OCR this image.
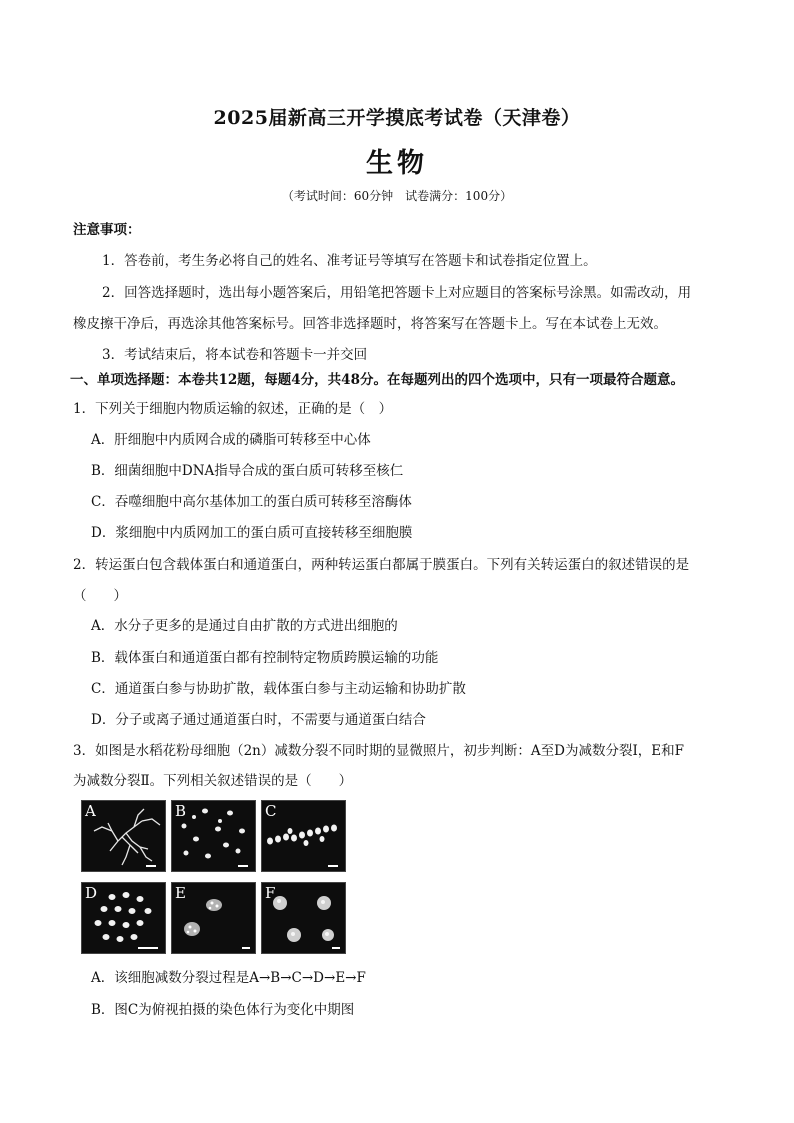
2025届新高三开学摸底考试卷（天津卷）
生物
（考试时间：60分钟　试卷满分：100分）
注意事项：
1．答卷前，考生务必将自己的姓名、准考证号等填写在答题卡和试卷指定位置上。
2．回答选择题时，选出每小题答案后，用铅笔把答题卡上对应题目的答案标号涂黑。如需改动，用
橡皮擦干净后，再选涂其他答案标号。回答非选择题时，将答案写在答题卡上。写在本试卷上无效。
3．考试结束后，将本试卷和答题卡一并交回
一、单项选择题：本卷共12题，每题4分，共48分。在每题列出的四个选项中，只有一项最符合题意。
1．下列关于细胞内物质运输的叙述，正确的是（　）
A．肝细胞中内质网合成的磷脂可转移至中心体
B．细菌细胞中DNA指导合成的蛋白质可转移至核仁
C．吞噬细胞中高尔基体加工的蛋白质可转移至溶酶体
D．浆细胞中内质网加工的蛋白质可直接转移至细胞膜
2．转运蛋白包含载体蛋白和通道蛋白，两种转运蛋白都属于膜蛋白。下列有关转运蛋白的叙述错误的是
（　　）
A．水分子更多的是通过自由扩散的方式进出细胞的
B．载体蛋白和通道蛋白都有控制特定物质跨膜运输的功能
C．通道蛋白参与协助扩散，载体蛋白参与主动运输和协助扩散
D．分子或离子通过通道蛋白时，不需要与通道蛋白结合
3．如图是水稻花粉母细胞（2n）减数分裂不同时期的显微照片，初步判断：A至D为减数分裂Ⅰ，E和F
为减数分裂Ⅱ。下列相关叙述错误的是（　　）
A	B	C
D	E	F
A．该细胞减数分裂过程是A→B→C→D→E→F
B．图C为俯视拍摄的染色体行为变化中期图
